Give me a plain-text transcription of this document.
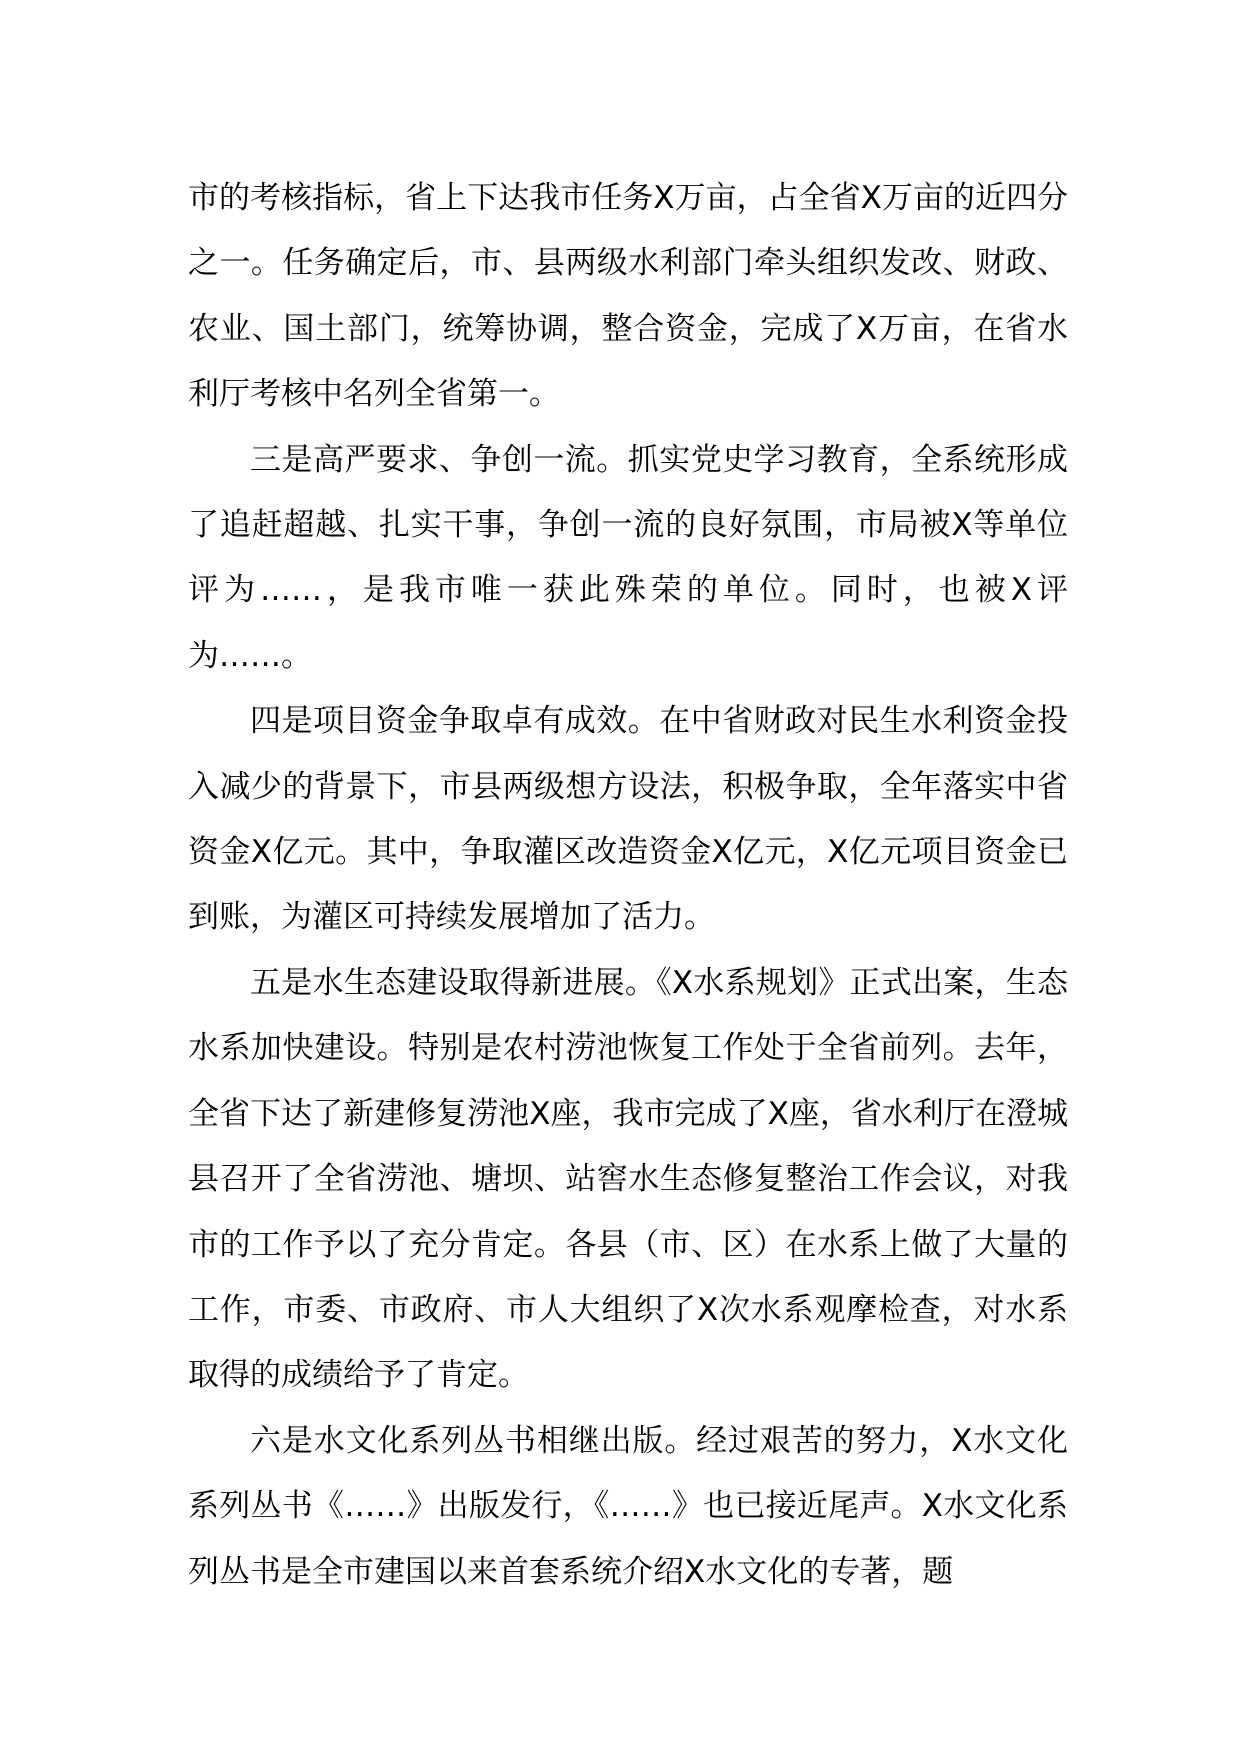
市的考核指标，省上下达我市任务X万亩，占全省X万亩的近四分之一。任务确定后，市、县两级水利部门牵头组织发改、财政、农业、国土部门，统筹协调，整合资金，完成了X万亩，在省水利厅考核中名列全省第一。

三是高严要求、争创一流。抓实党史学习教育，全系统形成了追赶超越、扎实干事，争创一流的良好氛围，市局被X等单位评为……，是我市唯一获此殊荣的单位。同时，也被X评为……。

四是项目资金争取卓有成效。在中省财政对民生水利资金投入减少的背景下，市县两级想方设法，积极争取，全年落实中省资金X亿元。其中，争取灌区改造资金X亿元，X亿元项目资金已到账，为灌区可持续发展增加了活力。

五是水生态建设取得新进展。《X水系规划》正式出案，生态水系加快建设。特别是农村涝池恢复工作处于全省前列。去年，全省下达了新建修复涝池X座，我市完成了X座，省水利厅在澄城县召开了全省涝池、塘坝、站窖水生态修复整治工作会议，对我市的工作予以了充分肯定。各县（市、区）在水系上做了大量的工作，市委、市政府、市人大组织了X次水系观摩检查，对水系取得的成绩给予了肯定。

六是水文化系列丛书相继出版。经过艰苦的努力，X水文化系列丛书《……》出版发行，《……》也已接近尾声。X水文化系列丛书是全市建国以来首套系统介绍X水文化的专著，题
